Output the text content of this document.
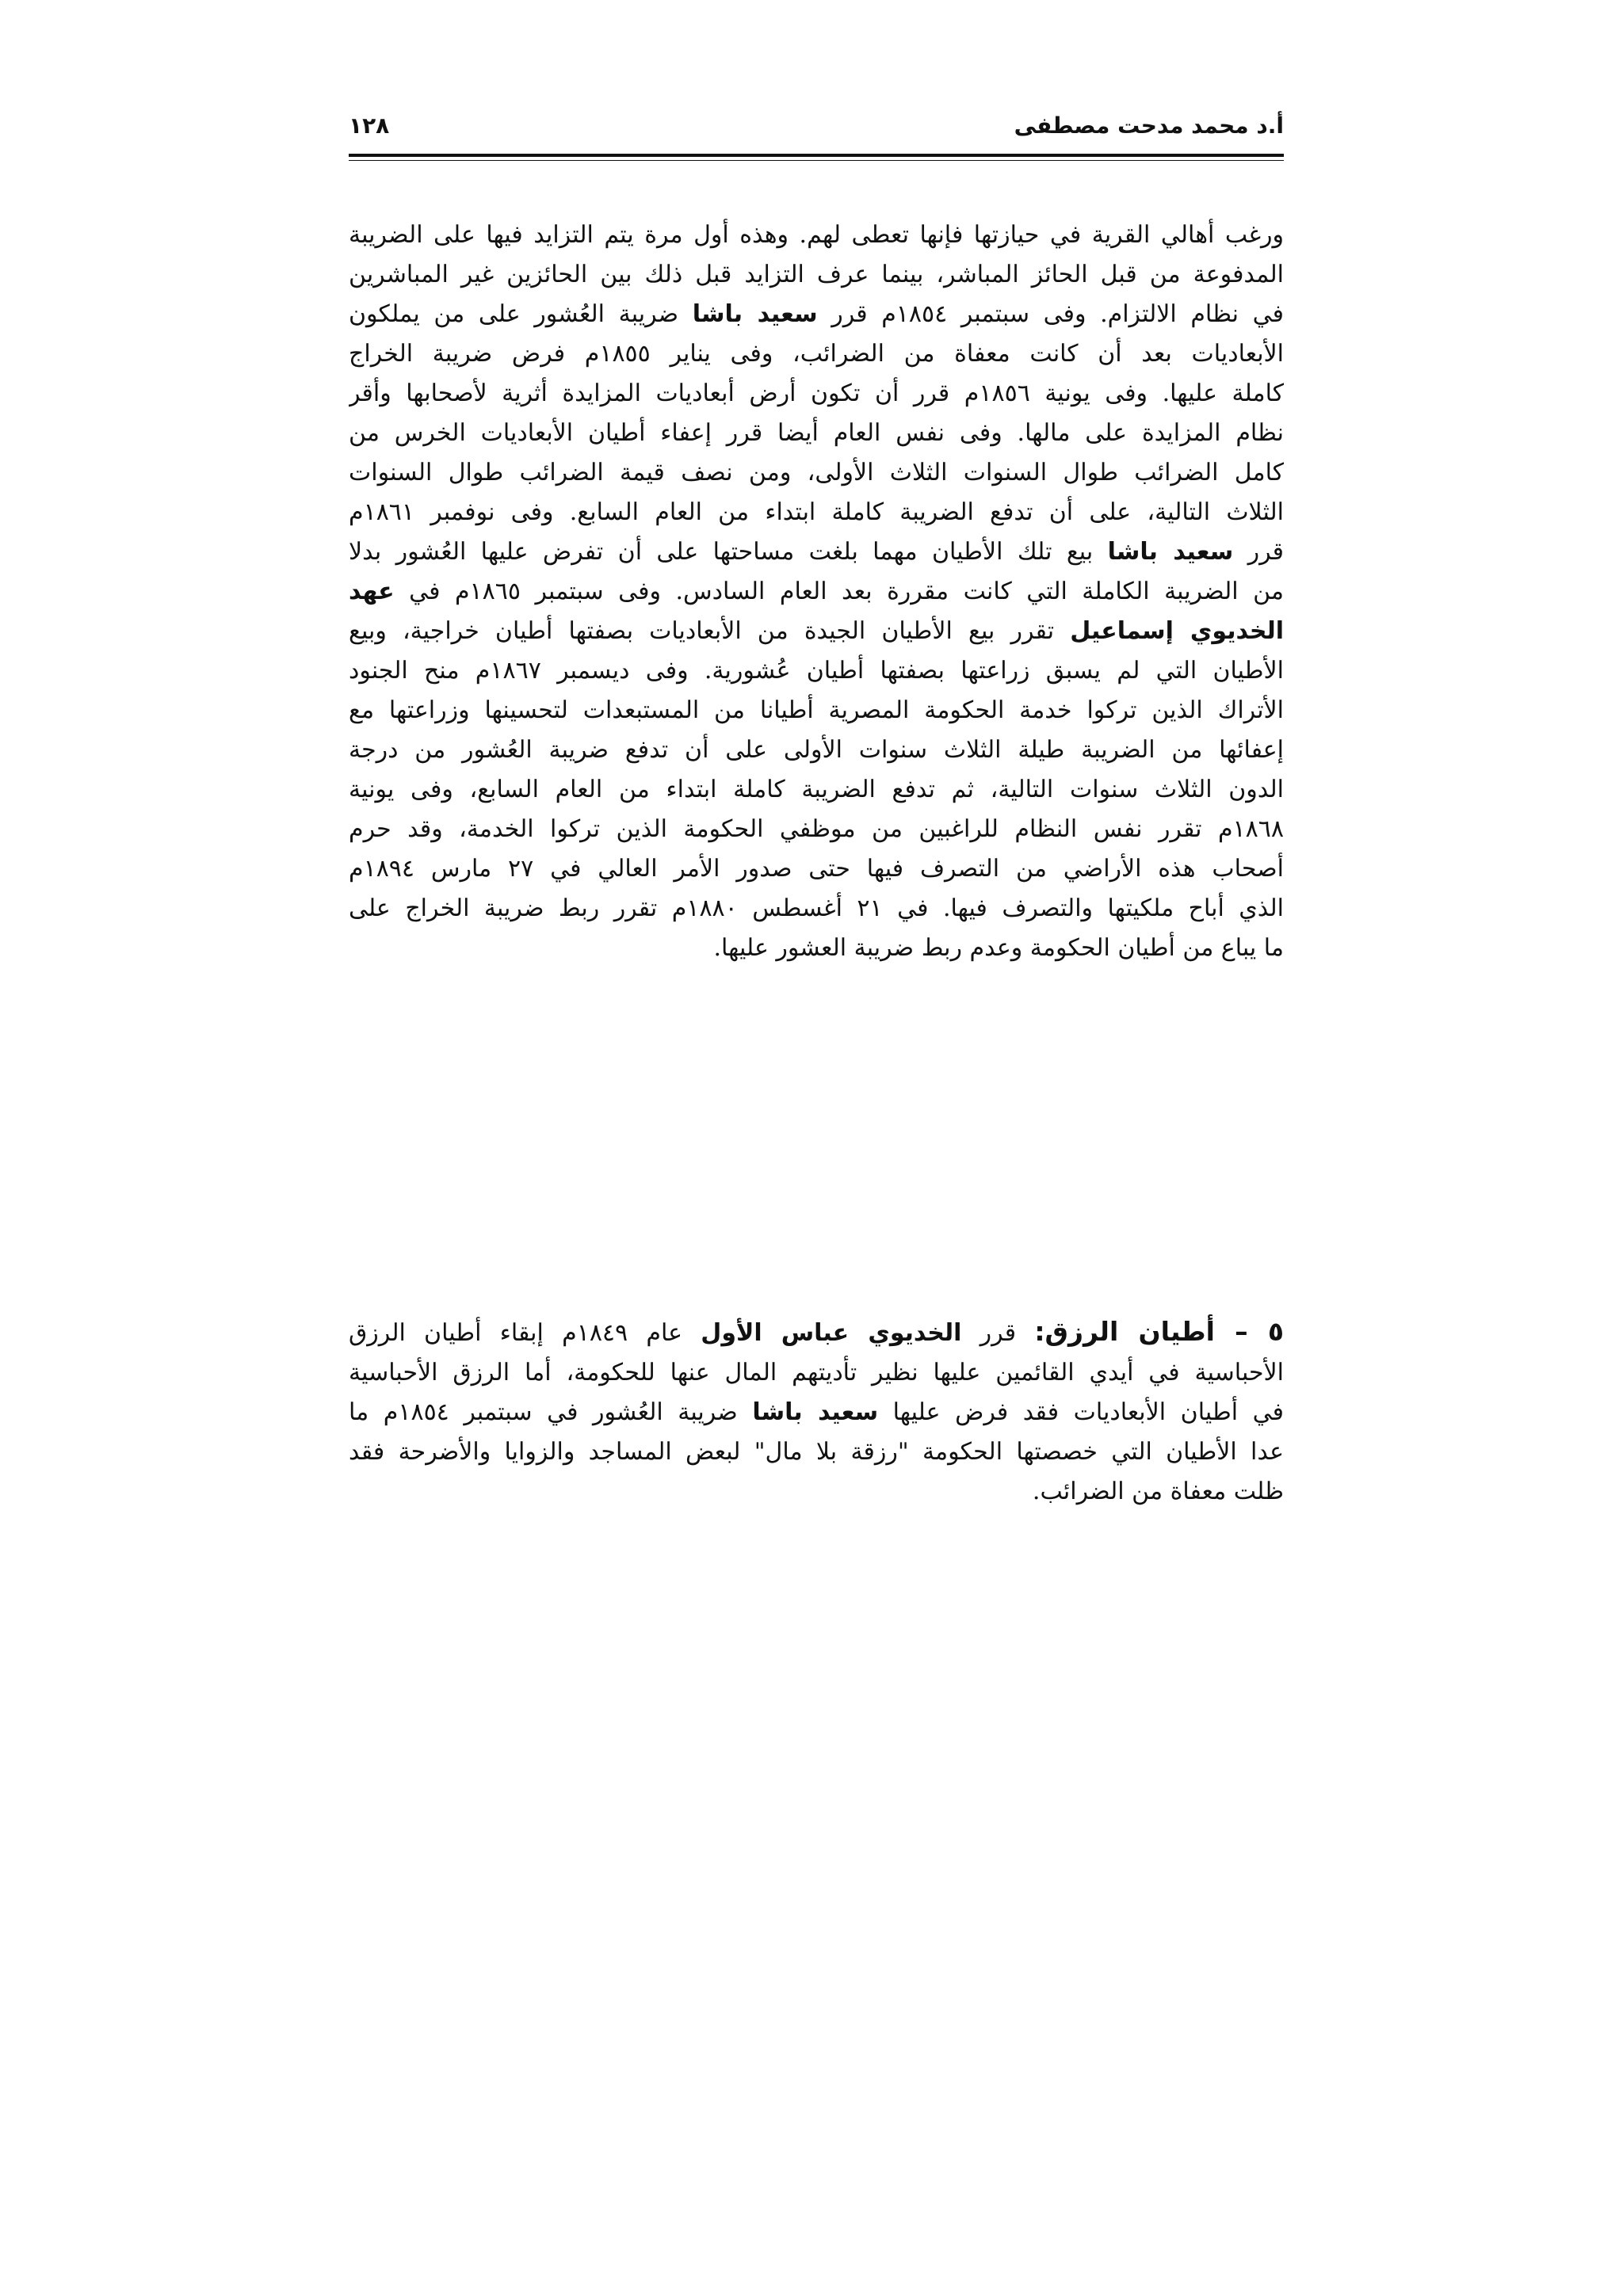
أ.د محمد مدحت مصطفى
١٢٨
ورغب أهالي القرية في حيازتها فإنها تعطى لهم. وهذه أول مرة يتم التزايد فيها على الضريبة
المدفوعة من قبل الحائز المباشر، بينما عرف التزايد قبل ذلك بين الحائزين غير المباشرين
في نظام الالتزام. وفى سبتمبر ١٨٥٤م قرر سعيد باشا ضريبة العُشور على من يملكون
الأبعاديات بعد أن كانت معفاة من الضرائب، وفى يناير ١٨٥٥م فرض ضريبة الخراج
كاملة عليها. وفى يونية ١٨٥٦م قرر أن تكون أرض أبعاديات المزايدة أثرية لأصحابها وأقر
نظام المزايدة على مالها. وفى نفس العام أيضا قرر إعفاء أطيان الأبعاديات الخرس من
كامل الضرائب طوال السنوات الثلاث الأولى، ومن نصف قيمة الضرائب طوال السنوات
الثلاث التالية، على أن تدفع الضريبة كاملة ابتداء من العام السابع. وفى نوفمبر ١٨٦١م
قرر سعيد باشا بيع تلك الأطيان مهما بلغت مساحتها على أن تفرض عليها العُشور بدلا
من الضريبة الكاملة التي كانت مقررة بعد العام السادس. وفى سبتمبر ١٨٦٥م في عهد
الخديوي إسماعيل تقرر بيع الأطيان الجيدة من الأبعاديات بصفتها أطيان خراجية، وبيع
الأطيان التي لم يسبق زراعتها بصفتها أطيان عُشورية. وفى ديسمبر ١٨٦٧م منح الجنود
الأتراك الذين تركوا خدمة الحكومة المصرية أطيانا من المستبعدات لتحسينها وزراعتها مع
إعفائها من الضريبة طيلة الثلاث سنوات الأولى على أن تدفع ضريبة العُشور من درجة
الدون الثلاث سنوات التالية، ثم تدفع الضريبة كاملة ابتداء من العام السابع، وفى يونية
١٨٦٨م تقرر نفس النظام للراغبين من موظفي الحكومة الذين تركوا الخدمة، وقد حرم
أصحاب هذه الأراضي من التصرف فيها حتى صدور الأمر العالي في ٢٧ مارس ١٨٩٤م
الذي أباح ملكيتها والتصرف فيها. في ٢١ أغسطس ١٨٨٠م تقرر ربط ضريبة الخراج على
ما يباع من أطيان الحكومة وعدم ربط ضريبة العشور عليها.
٥ – أطيان الرزق: قرر الخديوي عباس الأول عام ١٨٤٩م إبقاء أطيان الرزق
الأحباسية في أيدي القائمين عليها نظير تأديتهم المال عنها للحكومة، أما الرزق الأحباسية
في أطيان الأبعاديات فقد فرض عليها سعيد باشا ضريبة العُشور في سبتمبر ١٨٥٤م ما
عدا الأطيان التي خصصتها الحكومة "رزقة بلا مال" لبعض المساجد والزوايا والأضرحة فقد
ظلت معفاة من الضرائب.
